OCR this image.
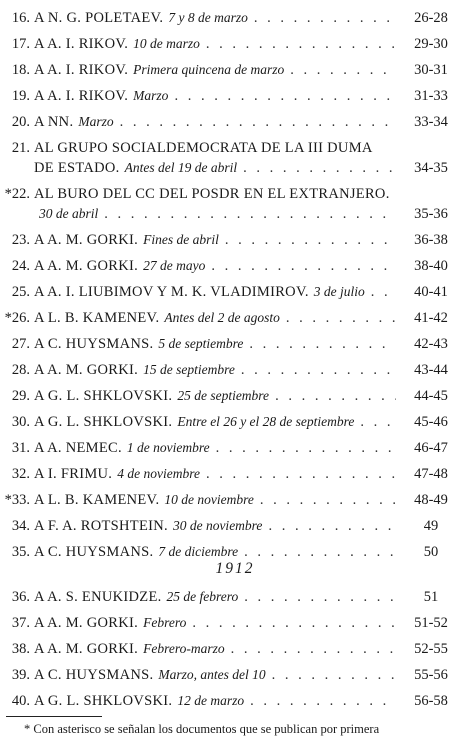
16. A N. G. POLETAEV. 7 y 8 de marzo . . .	26-28
17. A A. I. RIKOV. 10 de marzo . . .	29-30
18. A A. I. RIKOV. Primera quincena de marzo . . .	30-31
19. A A. I. RIKOV. Marzo . . .	31-33
20. A NN. Marzo . . .	33-34
21. AL GRUPO SOCIALDEMOCRATA DE LA III DUMA
DE ESTADO. Antes del 19 de abril . . .	34-35
*22. AL BURO DEL CC DEL POSDR EN EL EXTRANJERO.
30 de abril . . .	35-36
23. A A. M. GORKI. Fines de abril . . .	36-38
24. A A. M. GORKI. 27 de mayo . . .	38-40
25. A A. I. LIUBIMOV Y M. K. VLADIMIROV. 3 de julio . . .	40-41
*26. A L. B. KAMENEV. Antes del 2 de agosto . . .	41-42
27. A C. HUYSMANS. 5 de septiembre . . .	42-43
28. A A. M. GORKI. 15 de septiembre . . .	43-44
29. A G. L. SHKLOVSKI. 25 de septiembre . . .	44-45
30. A G. L. SHKLOVSKI. Entre el 26 y el 28 de septiembre . . .	45-46
31. A A. NEMEC. 1 de noviembre . . .	46-47
32. A I. FRIMU. 4 de noviembre . . .	47-48
*33. A L. B. KAMENEV. 10 de noviembre . . .	48-49
34. A F. A. ROTSHTEIN. 30 de noviembre . . .	49
35. A C. HUYSMANS. 7 de diciembre . . .	50
1912
36. A A. S. ENUKIDZE. 25 de febrero . . .	51
37. A A. M. GORKI. Febrero . . .	51-52
38. A A. M. GORKI. Febrero-marzo . . .	52-55
39. A C. HUYSMANS. Marzo, antes del 10 . . .	55-56
40. A G. L. SHKLOVSKI. 12 de marzo . . .	56-58
* Con asterisco se señalan los documentos que se publican por primera
